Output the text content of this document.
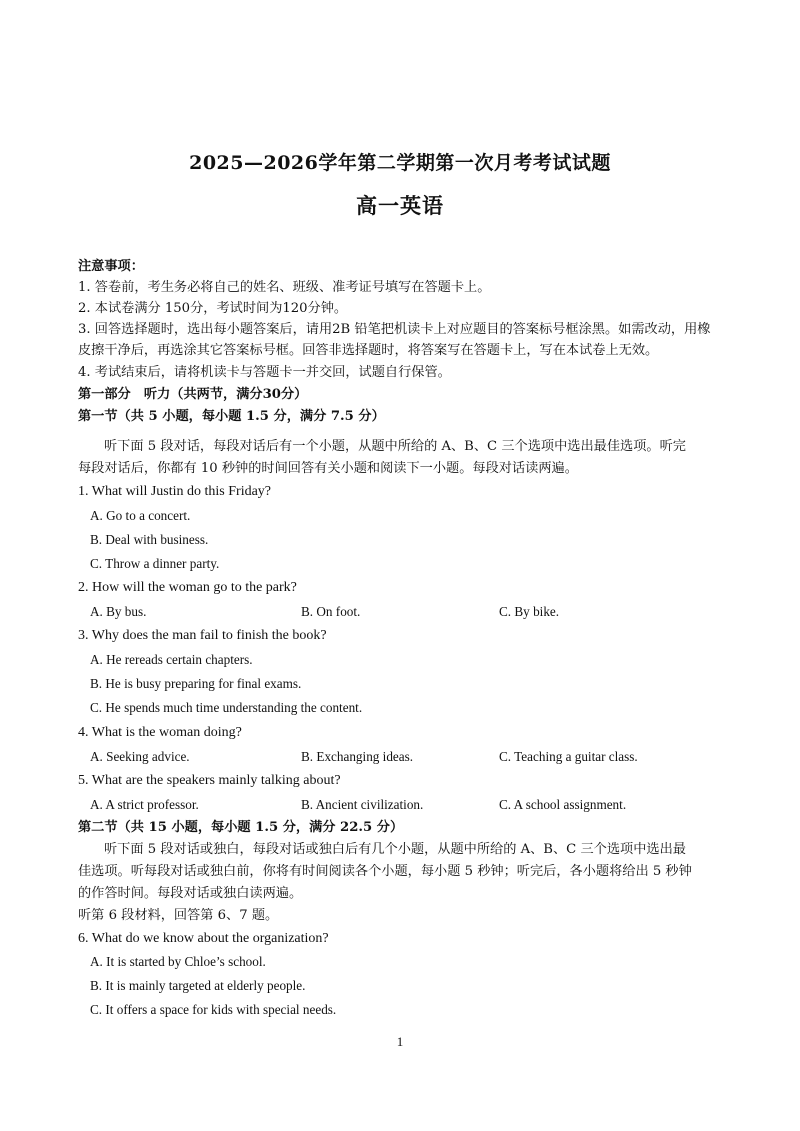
2025—2026学年第二学期第一次月考考试试题
高一英语
注意事项：
1. 答卷前，考生务必将自己的姓名、班级、准考证号填写在答题卡上。
2. 本试卷满分 150分，考试时间为120分钟。
3. 回答选择题时，选出每小题答案后，请用2B 铅笔把机读卡上对应题目的答案标号框涂黑。如需改动，用橡
皮擦干净后，再选涂其它答案标号框。回答非选择题时，将答案写在答题卡上，写在本试卷上无效。
4. 考试结束后，请将机读卡与答题卡一并交回，试题自行保管。
第一部分　听力（共两节，满分30分）
第一节（共 5 小题，每小题 1.5 分，满分 7.5 分）
听下面 5 段对话，每段对话后有一个小题，从题中所给的 A、B、C 三个选项中选出最佳选项。听完
每段对话后，你都有 10 秒钟的时间回答有关小题和阅读下一小题。每段对话读两遍。
1. What will Justin do this Friday?
A. Go to a concert.
B. Deal with business.
C. Throw a dinner party.
2. How will the woman go to the park?
A. By bus.	B. On foot.	C. By bike.
3. Why does the man fail to finish the book?
A. He rereads certain chapters.
B. He is busy preparing for final exams.
C. He spends much time understanding the content.
4. What is the woman doing?
A. Seeking advice.	B. Exchanging ideas.	C. Teaching a guitar class.
5. What are the speakers mainly talking about?
A. A strict professor.	B. Ancient civilization.	C. A school assignment.
第二节（共 15 小题，每小题 1.5 分，满分 22.5 分）
听下面 5 段对话或独白，每段对话或独白后有几个小题，从题中所给的 A、B、C 三个选项中选出最
佳选项。听每段对话或独白前，你将有时间阅读各个小题，每小题 5 秒钟；听完后，各小题将给出 5 秒钟
的作答时间。每段对话或独白读两遍。
听第 6 段材料，回答第 6、7 题。
6. What do we know about the organization?
A. It is started by Chloe’s school.
B. It is mainly targeted at elderly people.
C. It offers a space for kids with special needs.
1
